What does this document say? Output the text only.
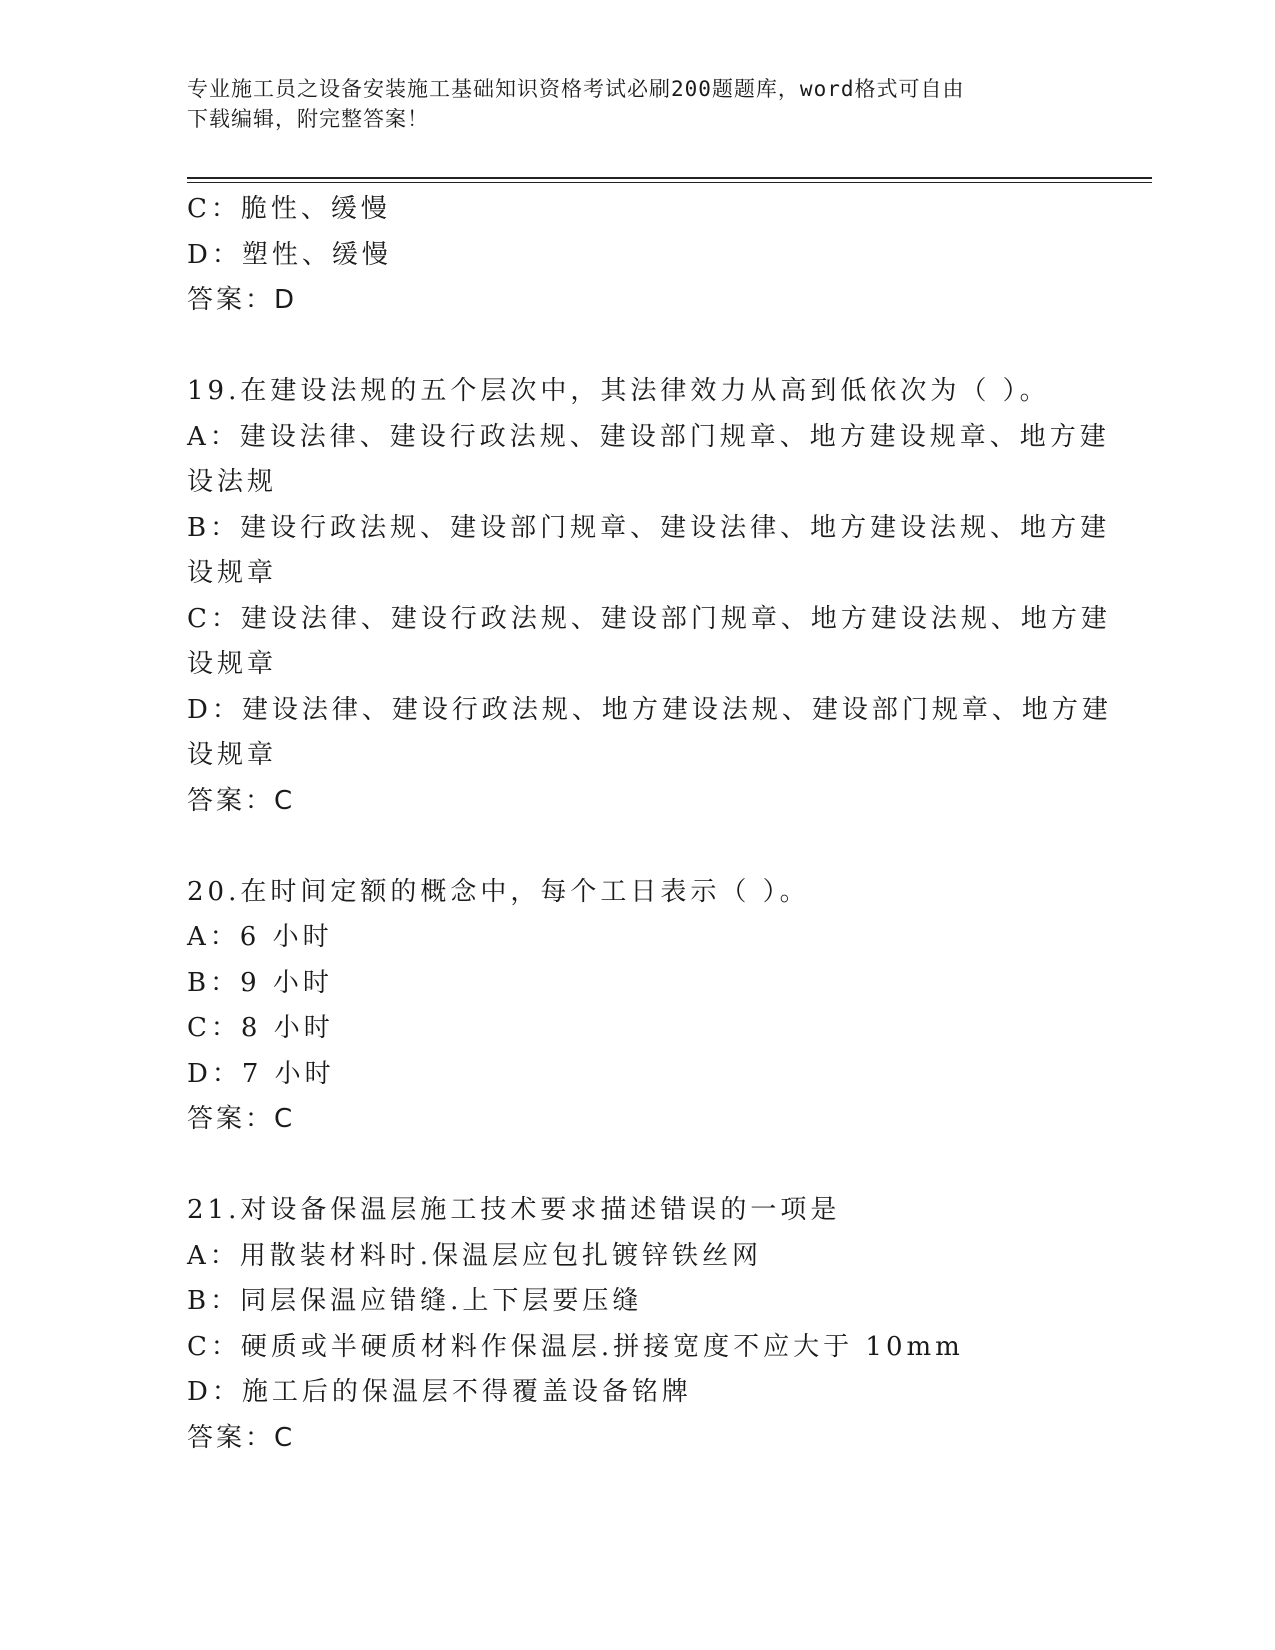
专业施工员之设备安装施工基础知识资格考试必刷200题题库，word格式可自由
下载编辑，附完整答案！
C：脆性、缓慢
D：塑性、缓慢
答案：D
19.在建设法规的五个层次中，其法律效力从高到低依次为（ ）。
A：建设法律、建设行政法规、建设部门规章、地方建设规章、地方建
设法规
B：建设行政法规、建设部门规章、建设法律、地方建设法规、地方建
设规章
C：建设法律、建设行政法规、建设部门规章、地方建设法规、地方建
设规章
D：建设法律、建设行政法规、地方建设法规、建设部门规章、地方建
设规章
答案：C
20.在时间定额的概念中，每个工日表示（ ）。
A：6 小时
B：9 小时
C：8 小时
D：7 小时
答案：C
21.对设备保温层施工技术要求描述错误的一项是
A：用散装材料时.保温层应包扎镀锌铁丝网
B：同层保温应错缝.上下层要压缝
C：硬质或半硬质材料作保温层.拼接宽度不应大于 10mm
D：施工后的保温层不得覆盖设备铭牌
答案：C
